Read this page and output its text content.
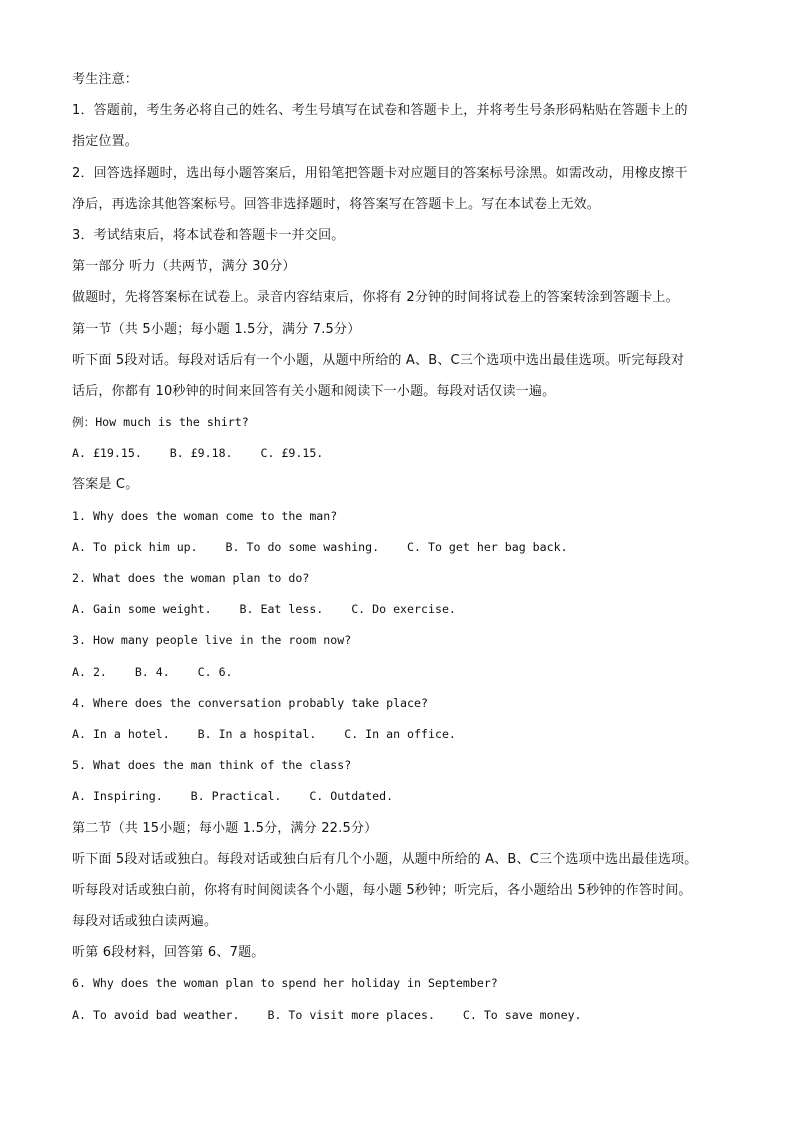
考生注意：
1．答题前，考生务必将自己的姓名、考生号填写在试卷和答题卡上，并将考生号条形码粘贴在答题卡上的
指定位置。
2．回答选择题时，选出每小题答案后，用铅笔把答题卡对应题目的答案标号涂黑。如需改动，用橡皮擦干
净后，再选涂其他答案标号。回答非选择题时，将答案写在答题卡上。写在本试卷上无效。
3．考试结束后，将本试卷和答题卡一并交回。
第一部分 听力（共两节，满分 30分）
做题时，先将答案标在试卷上。录音内容结束后，你将有 2分钟的时间将试卷上的答案转涂到答题卡上。
第一节（共 5小题；每小题 1.5分，满分 7.5分）
听下面 5段对话。每段对话后有一个小题，从题中所给的 A、B、C三个选项中选出最佳选项。听完每段对
话后，你都有 10秒钟的时间来回答有关小题和阅读下一小题。每段对话仅读一遍。
例：How much is the shirt?
A. £19.15.    B. £9.18.    C. £9.15.
答案是 C。
1. Why does the woman come to the man?
A. To pick him up.    B. To do some washing.    C. To get her bag back.
2. What does the woman plan to do?
A. Gain some weight.    B. Eat less.    C. Do exercise.
3. How many people live in the room now?
A. 2.    B. 4.    C. 6.
4. Where does the conversation probably take place?
A. In a hotel.    B. In a hospital.    C. In an office.
5. What does the man think of the class?
A. Inspiring.    B. Practical.    C. Outdated.
第二节（共 15小题；每小题 1.5分，满分 22.5分）
听下面 5段对话或独白。每段对话或独白后有几个小题，从题中所给的 A、B、C三个选项中选出最佳选项。
听每段对话或独白前，你将有时间阅读各个小题，每小题 5秒钟；听完后，各小题给出 5秒钟的作答时间。
每段对话或独白读两遍。
听第 6段材料，回答第 6、7题。
6. Why does the woman plan to spend her holiday in September?
A. To avoid bad weather.    B. To visit more places.    C. To save money.
